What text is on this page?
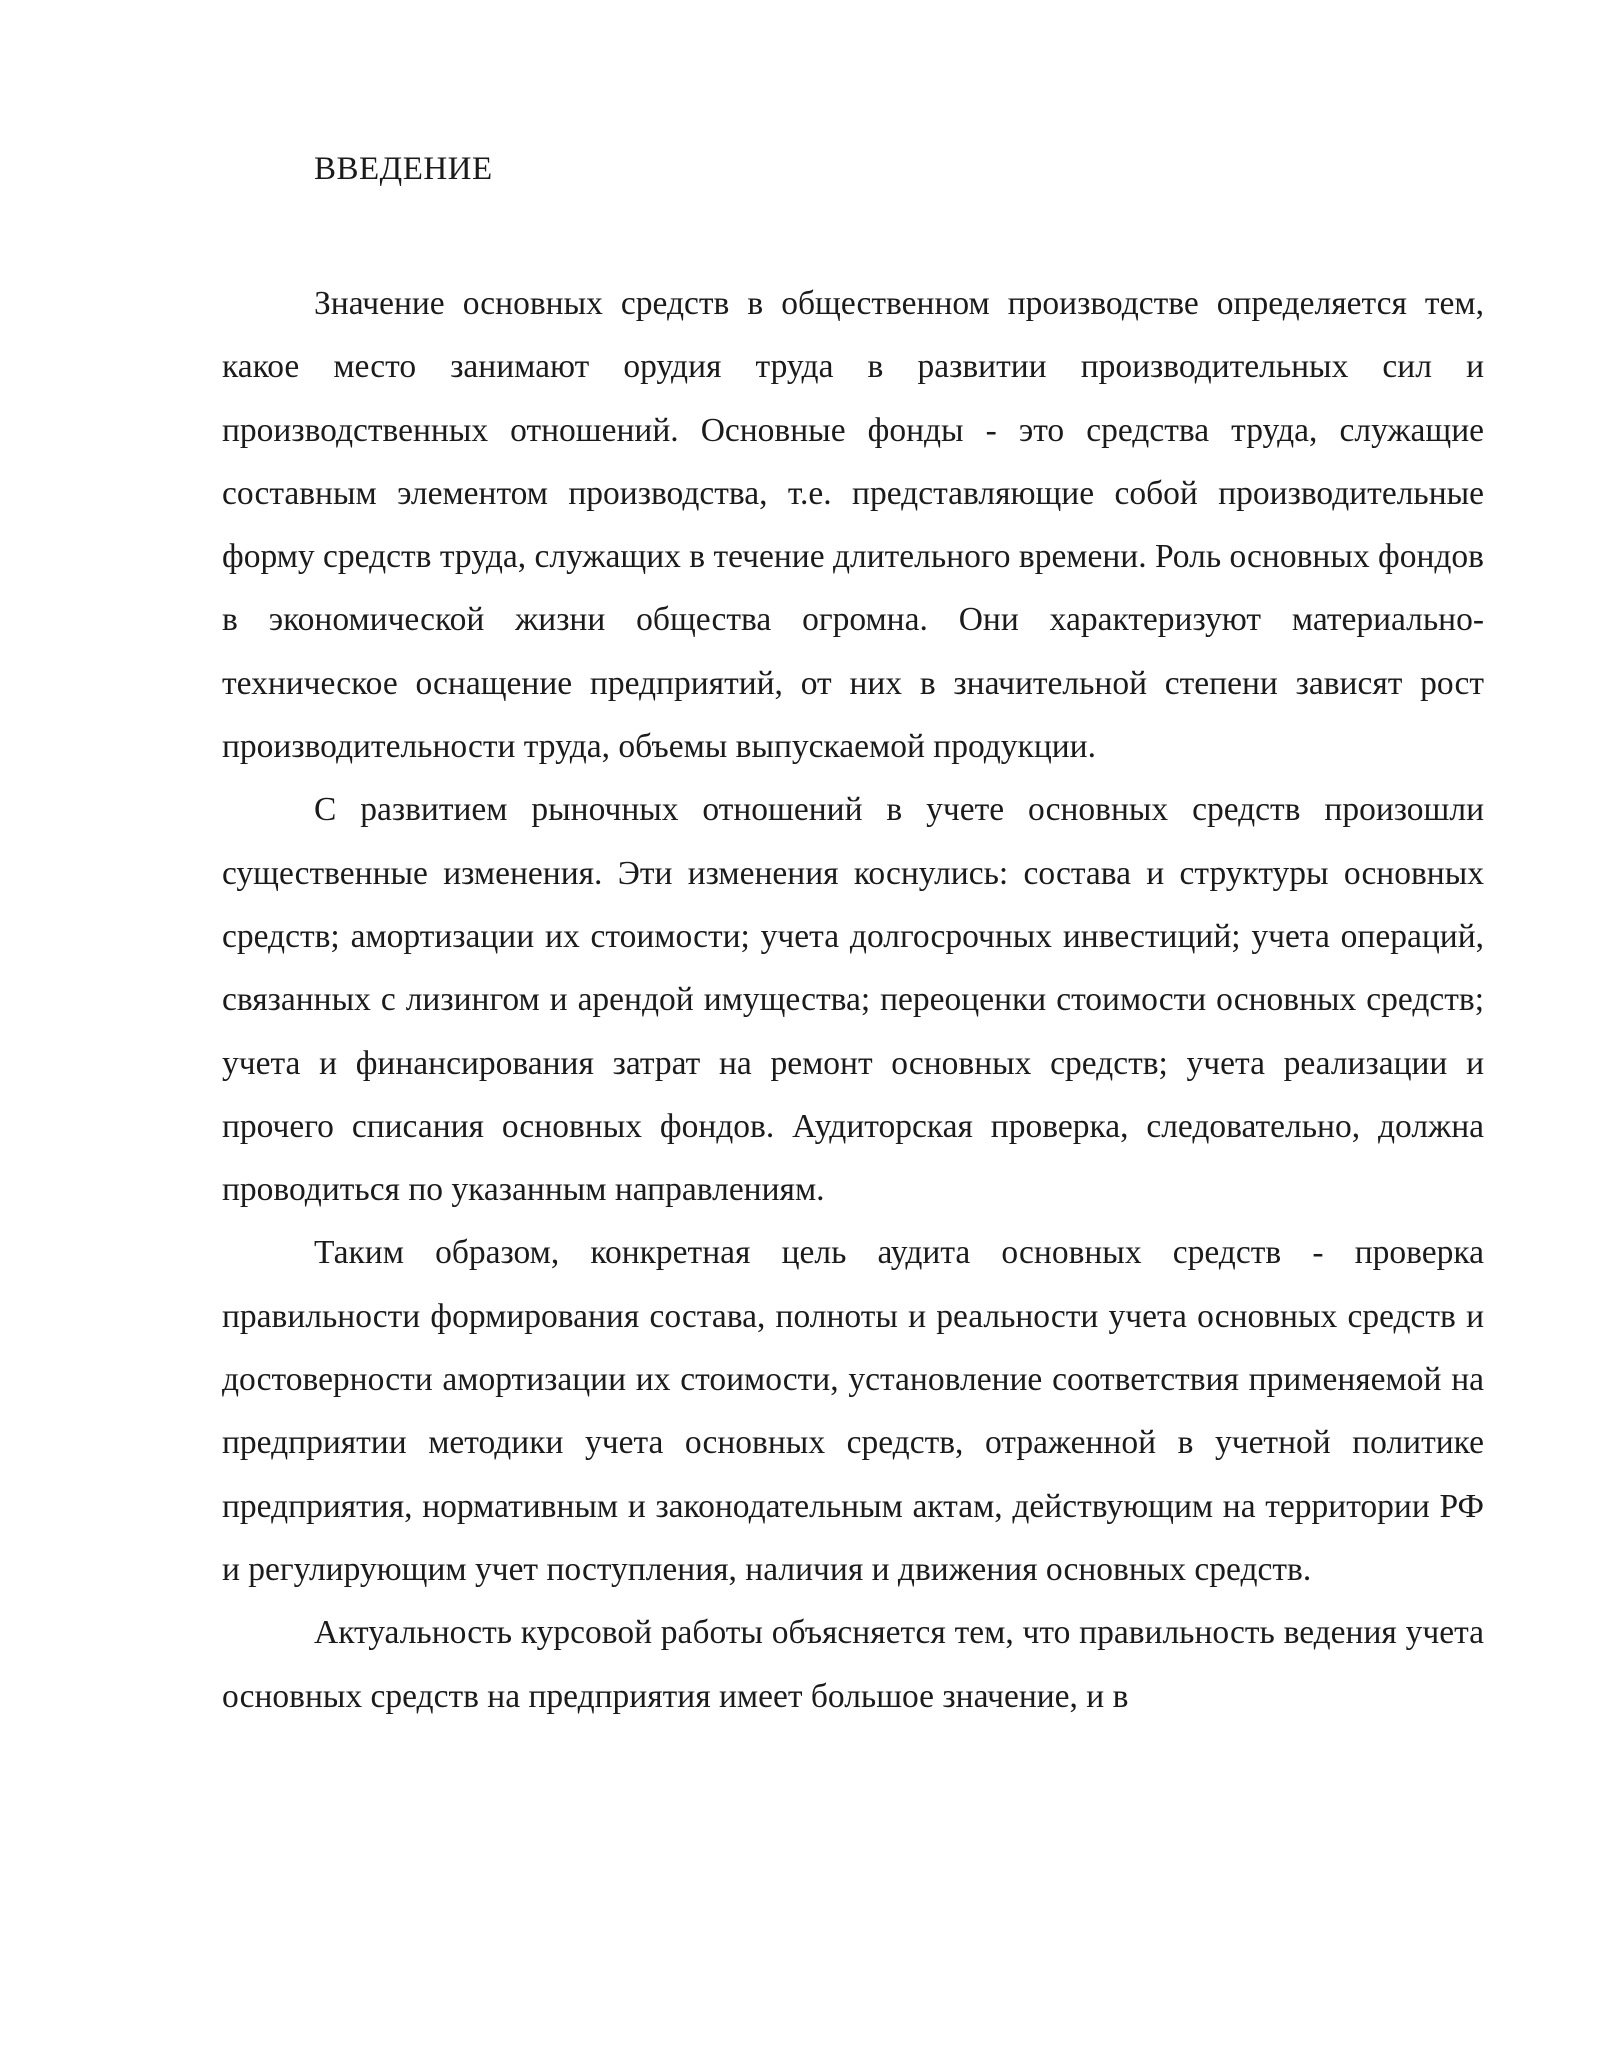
ВВЕДЕНИЕ

Значение основных средств в общественном производстве определяется тем, какое место занимают орудия труда в развитии производительных сил и производственных отношений. Основные фонды - это средства труда, служащие составным элементом производства, т.е. представляющие собой производительные форму средств труда, служащих в течение длительного времени. Роль основных фондов в экономической жизни общества огромна. Они характеризуют материально-техническое оснащение предприятий, от них в значительной степени зависят рост производительности труда, объемы выпускаемой продукции.

С развитием рыночных отношений в учете основных средств произошли существенные изменения. Эти изменения коснулись: состава и структуры основных средств; амортизации их стоимости; учета долгосрочных инвестиций; учета операций, связанных с лизингом и арендой имущества; переоценки стоимости основных средств; учета и финансирования затрат на ремонт основных средств; учета реализации и прочего списания основных фондов. Аудиторская проверка, следовательно, должна проводиться по указанным направлениям.

Таким образом, конкретная цель аудита основных средств - проверка правильности формирования состава, полноты и реальности учета основных средств и достоверности амортизации их стоимости, установление соответствия применяемой на предприятии методики учета основных средств, отраженной в учетной политике предприятия, нормативным и законодательным актам, действующим на территории РФ и регулирующим учет поступления, наличия и движения основных средств.

Актуальность курсовой работы объясняется тем, что правильность ведения учета основных средств на предприятия имеет большое значение, и в
